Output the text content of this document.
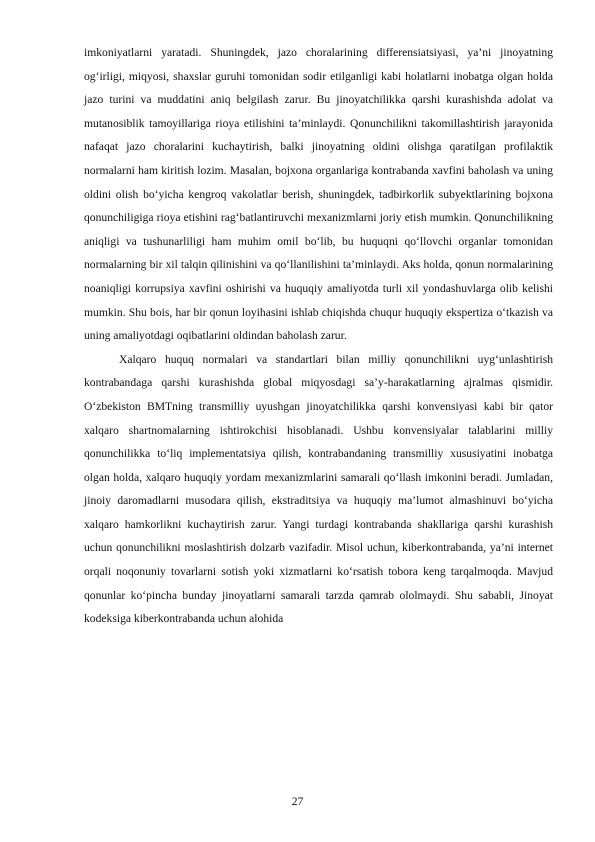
imkoniyatlarni yaratadi. Shuningdek, jazo choralarining differensiatsiyasi, ya’ni jinoyatning og‘irligi, miqyosi, shaxslar guruhi tomonidan sodir etilganligi kabi holatlarni inobatga olgan holda jazo turini va muddatini aniq belgilash zarur. Bu jinoyatchilikka qarshi kurashishda adolat va mutanosiblik tamoyillariga rioya etilishini ta’minlaydi. Qonunchilikni takomillashtirish jarayonida nafaqat jazo choralarini kuchaytirish, balki jinoyatning oldini olishga qaratilgan profilaktik normalarni ham kiritish lozim. Masalan, bojxona organlariga kontrabanda xavfini baholash va uning oldini olish bo‘yicha kengroq vakolatlar berish, shuningdek, tadbirkorlik subyektlarining bojxona qonunchiligiga rioya etishini rag‘batlantiruvchi mexanizmlarni joriy etish mumkin. Qonunchilikning aniqligi va tushunarliligi ham muhim omil bo‘lib, bu huquqni qo‘llovchi organlar tomonidan normalarning bir xil talqin qilinishini va qo‘llanilishini ta’minlaydi. Aks holda, qonun normalarining noaniqligi korrupsiya xavfini oshirishi va huquqiy amaliyotda turli xil yondashuvlarga olib kelishi mumkin. Shu bois, har bir qonun loyihasini ishlab chiqishda chuqur huquqiy ekspertiza o‘tkazish va uning amaliyotdagi oqibatlarini oldindan baholash zarur.

Xalqaro huquq normalari va standartlari bilan milliy qonunchilikni uyg‘unlashtirish kontrabandaga qarshi kurashishda global miqyosdagi sa’y-harakatlarning ajralmas qismidir. O‘zbekiston BMTning transmilliy uyushgan jinoyatchilikka qarshi konvensiyasi kabi bir qator xalqaro shartnomalarning ishtirokchisi hisoblanadi. Ushbu konvensiyalar talablarini milliy qonunchilikka to‘liq implementatsiya qilish, kontrabandaning transmilliy xususiyatini inobatga olgan holda, xalqaro huquqiy yordam mexanizmlarini samarali qo‘llash imkonini beradi. Jumladan, jinoiy daromadlarni musodara qilish, ekstraditsiya va huquqiy ma’lumot almashinuvi bo‘yicha xalqaro hamkorlikni kuchaytirish zarur. Yangi turdagi kontrabanda shakllariga qarshi kurashish uchun qonunchilikni moslashtirish dolzarb vazifadir. Misol uchun, kiberkontrabanda, ya’ni internet orqali noqonuniy tovarlarni sotish yoki xizmatlarni ko‘rsatish tobora keng tarqalmoqda. Mavjud qonunlar ko‘pincha bunday jinoyatlarni samarali tarzda qamrab ololmaydi. Shu sababli, Jinoyat kodeksiga kiberkontrabanda uchun alohida

27
